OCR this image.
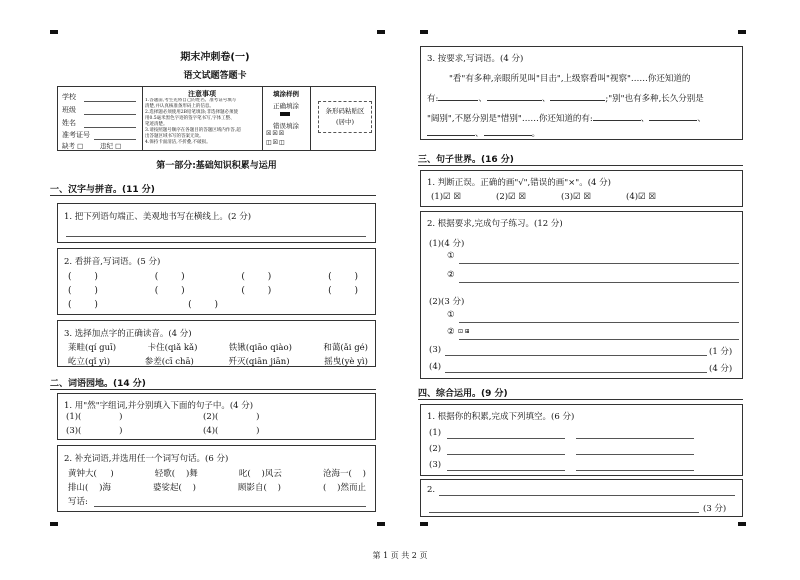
期末冲刺卷(一)
语文试题答题卡
学校
班级
姓名
准考证号
缺考 □	违纪 □
注意事项
1.答题前,考生先将自己的姓名、准考证号填写
清楚,并认真核准条形码上的信息。
2.选择题必须使用2B铅笔填涂;非选择题必须使
用0.5毫米黑色字迹的签字笔书写,字体工整、
笔迹清楚。
3.请按照题号顺序在各题目的答题区域内作答,超
出答题区域书写的答案无效。
4.保持卡面清洁,不折叠,不破损。
填涂样例
正确填涂
错误填涂
☒☒☒
◫☒◫
条形码粘贴区
(居中)
第一部分:基础知识积累与运用
一、汉字与拼音。(11 分)
1. 把下列语句端正、美观地书写在横线上。(2 分)
2. 看拼音,写词语。(5 分)
(        )	(        )	(        )	(        )
(        )	(        )	(        )	(        )
(        )	(        )
3. 选择加点字的正确读音。(4 分)
莱畦(qí guī)	卡住(qiǎ kǎ)	铁锹(qiāo qiào)	和蔼(ǎi gé)
屹立(qǐ yì)	参差(cī chā)	歼灭(qiān jiān)	摇曳(yè yì)
二、词语园地。(14 分)
1. 用"然"字组词,并分别填入下面的句子中。(4 分)
(1)(              )	(2)(              )
(3)(              )	(4)(              )
2. 补充词语,并选用任一个词写句话。(6 分)
黄钟大(     )	轻歌( )舞	叱( )风云	沧海一(    )
排山( )海	婆娑起( )	顾影自( )	( )然而止
写话:
3. 按要求,写词语。(4 分)
"看"有多种,亲眼所见叫"目击",上级察看叫"视察"……你还知道的
有:	、	、	;"别"也有多种,长久分别是
"阔别",不愿分别是"惜别"……你还知道的有:	、	、
、	。
三、句子世界。(16 分)
1. 判断正误。正确的画"√",错误的画"×"。(4 分)
(1)☑ ☒	(2)☑ ☒	(3)☑ ☒	(4)☑ ☒
2. 根据要求,完成句子练习。(12 分)
(1)(4 分)
①
②
(2)(3 分)
①
② ⊡ ⊞
(3)	(1 分)
(4)	(4 分)
四、综合运用。(9 分)
1. 根据你的积累,完成下列填空。(6 分)
(1)
(2)
(3)
2.
(3 分)
第 1 页 共 2 页
